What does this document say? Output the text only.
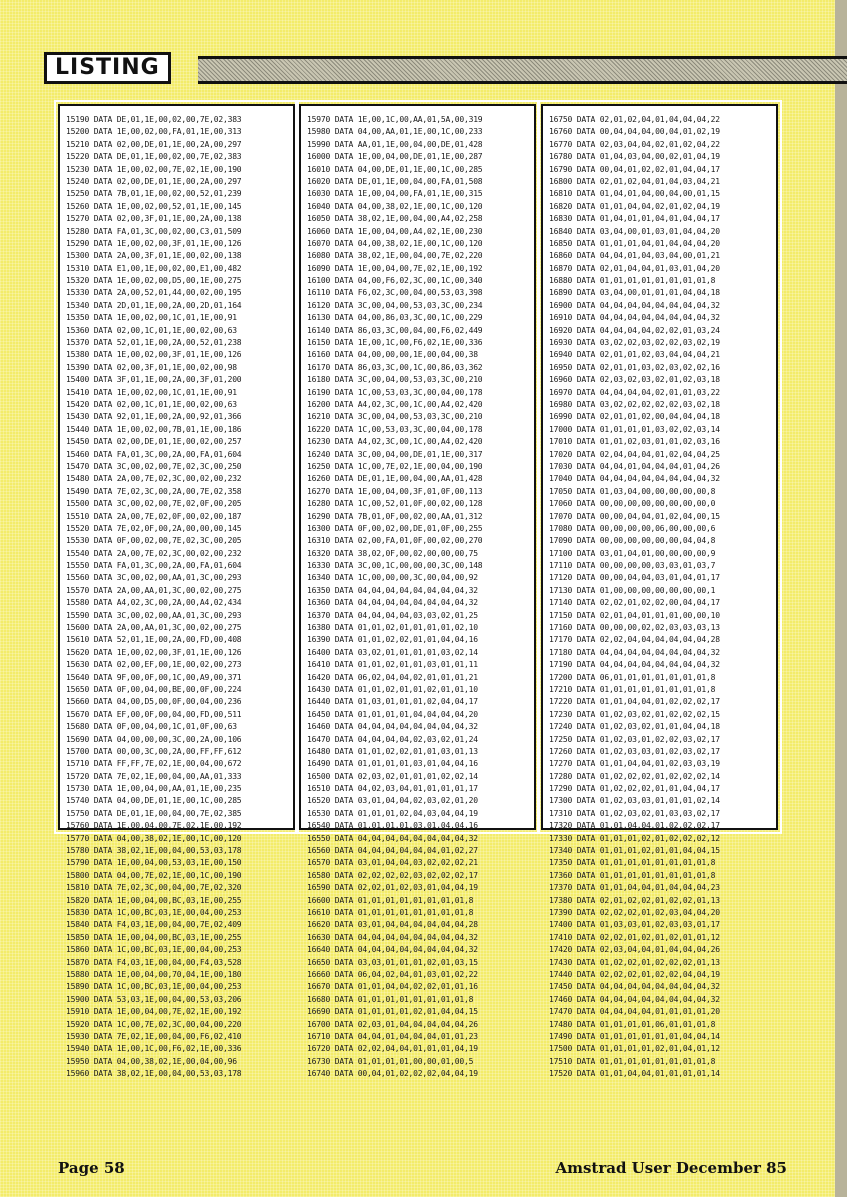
LISTING
15190 DATA DE,01,1E,00,02,00,7E,02,383
15200 DATA 1E,00,02,00,FA,01,1E,00,313
15210 DATA 02,00,DE,01,1E,00,2A,00,297
15220 DATA DE,01,1E,00,02,00,7E,02,383
15230 DATA 1E,00,02,00,7E,02,1E,00,190
15240 DATA 02,00,DE,01,1E,00,2A,00,297
15250 DATA 7B,01,1E,00,02,00,52,01,239
15260 DATA 1E,00,02,00,52,01,1E,00,145
15270 DATA 02,00,3F,01,1E,00,2A,00,138
15280 DATA FA,01,3C,00,02,00,C3,01,509
15290 DATA 1E,00,02,00,3F,01,1E,00,126
15300 DATA 2A,00,3F,01,1E,00,02,00,138
15310 DATA E1,00,1E,00,02,00,E1,00,482
15320 DATA 1E,00,02,00,D5,00,1E,00,275
15330 DATA 2A,00,52,01,44,00,02,00,195
15340 DATA 2D,01,1E,00,2A,00,2D,01,164
15350 DATA 1E,00,02,00,1C,01,1E,00,91
15360 DATA 02,00,1C,01,1E,00,02,00,63
15370 DATA 52,01,1E,00,2A,00,52,01,238
15380 DATA 1E,00,02,00,3F,01,1E,00,126
15390 DATA 02,00,3F,01,1E,00,02,00,98
15400 DATA 3F,01,1E,00,2A,00,3F,01,200
15410 DATA 1E,00,02,00,1C,01,1E,00,91
15420 DATA 02,00,1C,01,1E,00,02,00,63
15430 DATA 92,01,1E,00,2A,00,92,01,366
15440 DATA 1E,00,02,00,7B,01,1E,00,186
15450 DATA 02,00,DE,01,1E,00,02,00,257
15460 DATA FA,01,3C,00,2A,00,FA,01,604
15470 DATA 3C,00,02,00,7E,02,3C,00,250
15480 DATA 2A,00,7E,02,3C,00,02,00,232
15490 DATA 7E,02,3C,00,2A,00,7E,02,358
15500 DATA 3C,00,02,00,7E,02,0F,00,205
15510 DATA 2A,00,7E,02,0F,00,02,00,187
15520 DATA 7E,02,0F,00,2A,00,00,00,145
15530 DATA 0F,00,02,00,7E,02,3C,00,205
15540 DATA 2A,00,7E,02,3C,00,02,00,232
15550 DATA FA,01,3C,00,2A,00,FA,01,604
15560 DATA 3C,00,02,00,AA,01,3C,00,293
15570 DATA 2A,00,AA,01,3C,00,02,00,275
15580 DATA A4,02,3C,00,2A,00,A4,02,434
15590 DATA 3C,00,02,00,AA,01,3C,00,293
15600 DATA 2A,00,AA,01,3C,00,02,00,275
15610 DATA 52,01,1E,00,2A,00,FD,00,408
15620 DATA 1E,00,02,00,3F,01,1E,00,126
15630 DATA 02,00,EF,00,1E,00,02,00,273
15640 DATA 9F,00,0F,00,1C,00,A9,00,371
15650 DATA 0F,00,04,00,BE,00,0F,00,224
15660 DATA 04,00,D5,00,0F,00,04,00,236
15670 DATA EF,00,0F,00,04,00,FD,00,511
15680 DATA 0F,00,04,00,1C,01,0F,00,63
15690 DATA 04,00,00,00,3C,00,2A,00,106
15700 DATA 00,00,3C,00,2A,00,FF,FF,612
15710 DATA FF,FF,7E,02,1E,00,04,00,672
15720 DATA 7E,02,1E,00,04,00,AA,01,333
15730 DATA 1E,00,04,00,AA,01,1E,00,235
15740 DATA 04,00,DE,01,1E,00,1C,00,285
15750 DATA DE,01,1E,00,04,00,7E,02,385
15760 DATA 1E,00,04,00,7E,02,1E,00,192
15770 DATA 04,00,38,02,1E,00,1C,00,120
15780 DATA 38,02,1E,00,04,00,53,03,178
15790 DATA 1E,00,04,00,53,03,1E,00,150
15800 DATA 04,00,7E,02,1E,00,1C,00,190
15810 DATA 7E,02,3C,00,04,00,7E,02,320
15820 DATA 1E,00,04,00,BC,03,1E,00,255
15830 DATA 1C,00,BC,03,1E,00,04,00,253
15840 DATA F4,03,1E,00,04,00,7E,02,409
15850 DATA 1E,00,04,00,BC,03,1E,00,255
15860 DATA 1C,00,BC,03,1E,00,04,00,253
15870 DATA F4,03,1E,00,04,00,F4,03,528
15880 DATA 1E,00,04,00,70,04,1E,00,180
15890 DATA 1C,00,BC,03,1E,00,04,00,253
15900 DATA 53,03,1E,00,04,00,53,03,206
15910 DATA 1E,00,04,00,7E,02,1E,00,192
15920 DATA 1C,00,7E,02,3C,00,04,00,220
15930 DATA 7E,02,1E,00,04,00,F6,02,410
15940 DATA 1E,00,1C,00,F6,02,1E,00,336
15950 DATA 04,00,38,02,1E,00,04,00,96
15960 DATA 38,02,1E,00,04,00,53,03,178
15970 DATA 1E,00,1C,00,AA,01,5A,00,319
15980 DATA 04,00,AA,01,1E,00,1C,00,233
15990 DATA AA,01,1E,00,04,00,DE,01,428
16000 DATA 1E,00,04,00,DE,01,1E,00,287
16010 DATA 04,00,DE,01,1E,00,1C,00,285
16020 DATA DE,01,1E,00,04,00,FA,01,508
16030 DATA 1E,00,04,00,FA,01,1E,00,315
16040 DATA 04,00,38,02,1E,00,1C,00,120
16050 DATA 38,02,1E,00,04,00,A4,02,258
16060 DATA 1E,00,04,00,A4,02,1E,00,230
16070 DATA 04,00,38,02,1E,00,1C,00,120
16080 DATA 38,02,1E,00,04,00,7E,02,220
16090 DATA 1E,00,04,00,7E,02,1E,00,192
16100 DATA 04,00,F6,02,3C,00,1C,00,340
16110 DATA F6,02,3C,00,04,00,53,03,398
16120 DATA 3C,00,04,00,53,03,3C,00,234
16130 DATA 04,00,86,03,3C,00,1C,00,229
16140 DATA 86,03,3C,00,04,00,F6,02,449
16150 DATA 1E,00,1C,00,F6,02,1E,00,336
16160 DATA 04,00,00,00,1E,00,04,00,38
16170 DATA 86,03,3C,00,1C,00,86,03,362
16180 DATA 3C,00,04,00,53,03,3C,00,210
16190 DATA 1C,00,53,03,3C,00,04,00,178
16200 DATA A4,02,3C,00,1C,00,A4,02,420
16210 DATA 3C,00,04,00,53,03,3C,00,210
16220 DATA 1C,00,53,03,3C,00,04,00,178
16230 DATA A4,02,3C,00,1C,00,A4,02,420
16240 DATA 3C,00,04,00,DE,01,1E,00,317
16250 DATA 1C,00,7E,02,1E,00,04,00,190
16260 DATA DE,01,1E,00,04,00,AA,01,428
16270 DATA 1E,00,04,00,3F,01,0F,00,113
16280 DATA 1C,00,52,01,0F,00,02,00,128
16290 DATA 7B,01,0F,00,02,00,AA,01,312
16300 DATA 0F,00,02,00,DE,01,0F,00,255
16310 DATA 02,00,FA,01,0F,00,02,00,270
16320 DATA 38,02,0F,00,02,00,00,00,75
16330 DATA 3C,00,1C,00,00,00,3C,00,148
16340 DATA 1C,00,00,00,3C,00,04,00,92
16350 DATA 04,04,04,04,04,04,04,04,32
16360 DATA 04,04,04,04,04,04,04,04,32
16370 DATA 04,04,04,04,03,03,02,01,25
16380 DATA 01,01,02,01,01,01,01,02,10
16390 DATA 01,01,02,02,01,01,04,04,16
16400 DATA 03,02,01,01,01,01,03,02,14
16410 DATA 01,01,02,01,01,03,01,01,11
16420 DATA 06,02,04,04,02,01,01,01,21
16430 DATA 01,01,02,01,01,02,01,01,10
16440 DATA 01,03,01,01,01,02,04,04,17
16450 DATA 01,01,01,01,04,04,04,04,20
16460 DATA 04,04,04,04,04,04,04,04,32
16470 DATA 04,04,04,04,02,03,02,01,24
16480 DATA 01,01,02,02,01,01,03,01,13
16490 DATA 01,01,01,01,03,01,04,04,16
16500 DATA 02,03,02,01,01,01,02,02,14
16510 DATA 04,02,03,04,01,01,01,01,17
16520 DATA 03,01,04,04,02,03,02,01,20
16530 DATA 01,01,01,02,04,03,04,04,19
16540 DATA 01,01,01,01,03,01,04,04,16
16550 DATA 04,04,04,04,04,04,04,04,32
16560 DATA 04,04,04,04,04,04,01,02,27
16570 DATA 03,01,04,04,03,02,02,02,21
16580 DATA 02,02,02,02,03,02,02,02,17
16590 DATA 02,02,01,02,03,01,04,04,19
16600 DATA 01,01,01,01,01,01,01,01,8
16610 DATA 01,01,01,01,01,01,01,01,8
16620 DATA 03,01,04,04,04,04,04,04,28
16630 DATA 04,04,04,04,04,04,04,04,32
16640 DATA 04,04,04,04,04,04,04,04,32
16650 DATA 03,03,01,01,01,02,01,03,15
16660 DATA 06,04,02,04,01,03,01,02,22
16670 DATA 01,01,04,04,02,02,01,01,16
16680 DATA 01,01,01,01,01,01,01,01,8
16690 DATA 01,01,01,01,02,01,04,04,15
16700 DATA 02,03,01,04,04,04,04,04,26
16710 DATA 04,04,01,04,04,04,01,01,23
16720 DATA 02,02,04,04,01,01,01,04,19
16730 DATA 01,01,01,01,00,00,01,00,5
16740 DATA 00,04,01,02,02,02,04,04,19
16750 DATA 02,01,02,04,01,04,04,04,22
16760 DATA 00,04,04,04,00,04,01,02,19
16770 DATA 02,03,04,04,02,01,02,04,22
16780 DATA 01,04,03,04,00,02,01,04,19
16790 DATA 00,04,01,02,02,01,04,04,17
16800 DATA 02,01,02,04,01,04,03,04,21
16810 DATA 01,04,01,04,00,04,00,01,15
16820 DATA 01,01,04,04,02,01,02,04,19
16830 DATA 01,04,01,01,04,01,04,04,17
16840 DATA 03,04,00,01,03,01,04,04,20
16850 DATA 01,01,01,04,01,04,04,04,20
16860 DATA 04,04,01,04,03,04,00,01,21
16870 DATA 02,01,04,04,01,03,01,04,20
16880 DATA 01,01,01,01,01,01,01,01,8
16890 DATA 03,04,00,01,01,01,04,04,18
16900 DATA 04,04,04,04,04,04,04,04,32
16910 DATA 04,04,04,04,04,04,04,04,32
16920 DATA 04,04,04,04,02,02,01,03,24
16930 DATA 03,02,02,03,02,02,03,02,19
16940 DATA 02,01,01,02,03,04,04,04,21
16950 DATA 02,01,01,03,02,03,02,02,16
16960 DATA 02,03,02,03,02,01,02,03,18
16970 DATA 04,04,04,04,02,01,01,03,22
16980 DATA 03,02,02,02,02,02,03,02,18
16990 DATA 02,01,01,02,00,04,04,04,18
17000 DATA 01,01,01,01,03,02,02,03,14
17010 DATA 01,01,02,03,01,01,02,03,16
17020 DATA 02,04,04,04,01,02,04,04,25
17030 DATA 04,04,01,04,04,04,01,04,26
17040 DATA 04,04,04,04,04,04,04,04,32
17050 DATA 01,03,04,00,00,00,00,00,8
17060 DATA 00,00,00,00,00,00,00,00,0
17070 DATA 00,00,04,04,01,02,04,00,15
17080 DATA 00,00,00,00,06,00,00,00,6
17090 DATA 00,00,00,00,00,00,04,04,8
17100 DATA 03,01,04,01,00,00,00,00,9
17110 DATA 00,00,00,00,03,03,01,03,7
17120 DATA 00,00,04,04,03,01,04,01,17
17130 DATA 01,00,00,00,00,00,00,00,1
17140 DATA 02,02,01,02,02,00,04,04,17
17150 DATA 02,01,04,01,01,01,00,00,10
17160 DATA 00,00,00,02,02,03,03,03,13
17170 DATA 02,02,04,04,04,04,04,04,28
17180 DATA 04,04,04,04,04,04,04,04,32
17190 DATA 04,04,04,04,04,04,04,04,32
17200 DATA 06,01,01,01,01,01,01,01,8
17210 DATA 01,01,01,01,01,01,01,01,8
17220 DATA 01,01,04,04,01,02,02,02,17
17230 DATA 01,02,03,02,01,02,02,02,15
17240 DATA 01,02,03,02,01,01,04,04,18
17250 DATA 01,02,03,01,02,02,03,02,17
17260 DATA 01,02,03,03,01,02,03,02,17
17270 DATA 01,01,04,04,01,02,03,03,19
17280 DATA 01,02,02,02,01,02,02,02,14
17290 DATA 01,02,02,02,01,01,04,04,17
17300 DATA 01,02,03,03,01,01,01,02,14
17310 DATA 01,02,03,02,01,03,03,02,17
17320 DATA 01,01,04,04,01,02,02,02,17
17330 DATA 01,01,01,02,01,02,02,02,12
17340 DATA 01,01,01,02,01,01,04,04,15
17350 DATA 01,01,01,01,01,01,01,01,8
17360 DATA 01,01,01,01,01,01,01,01,8
17370 DATA 01,01,04,04,01,04,04,04,23
17380 DATA 02,01,02,02,01,02,02,01,13
17390 DATA 02,02,02,01,02,03,04,04,20
17400 DATA 01,03,03,01,02,03,03,01,17
17410 DATA 02,02,01,02,01,02,01,01,12
17420 DATA 02,03,04,04,01,04,04,04,26
17430 DATA 01,02,02,01,02,02,02,01,13
17440 DATA 02,02,02,01,02,02,04,04,19
17450 DATA 04,04,04,04,04,04,04,04,32
17460 DATA 04,04,04,04,04,04,04,04,32
17470 DATA 04,04,04,04,01,01,01,01,20
17480 DATA 01,01,01,01,06,01,01,01,8
17490 DATA 01,01,01,01,01,01,04,04,14
17500 DATA 01,01,01,01,02,01,04,01,12
17510 DATA 01,01,01,01,01,01,01,01,8
17520 DATA 01,01,04,04,01,01,01,01,14
Page 58	Amstrad User December 85
